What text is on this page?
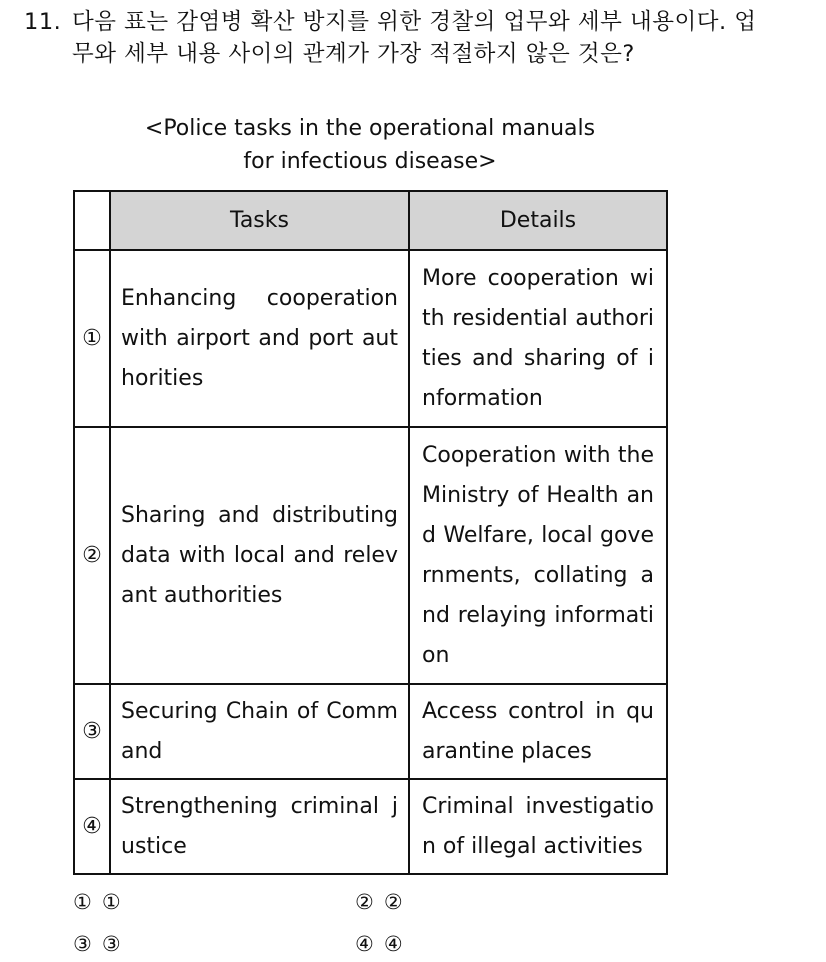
11. 다음 표는 감염병 확산 방지를 위한 경찰의 업무와 세부 내용이다. 업무와 세부 내용 사이의 관계가 가장 적절하지 않은 것은?
<Police tasks in the operational manuals for infectious disease>
	Tasks	Details
①	Enhancing cooperation with airport and port authorities	More cooperation with residential authorities and sharing of information
②	Sharing and distributing data with local and relevant authorities	Cooperation with the Ministry of Health and Welfare, local governments, collating and relaying information
③	Securing Chain of Command	Access control in quarantine places
④	Strengthening criminal justice	Criminal investigation of illegal activities
① ①	② ②
③ ③	④ ④
